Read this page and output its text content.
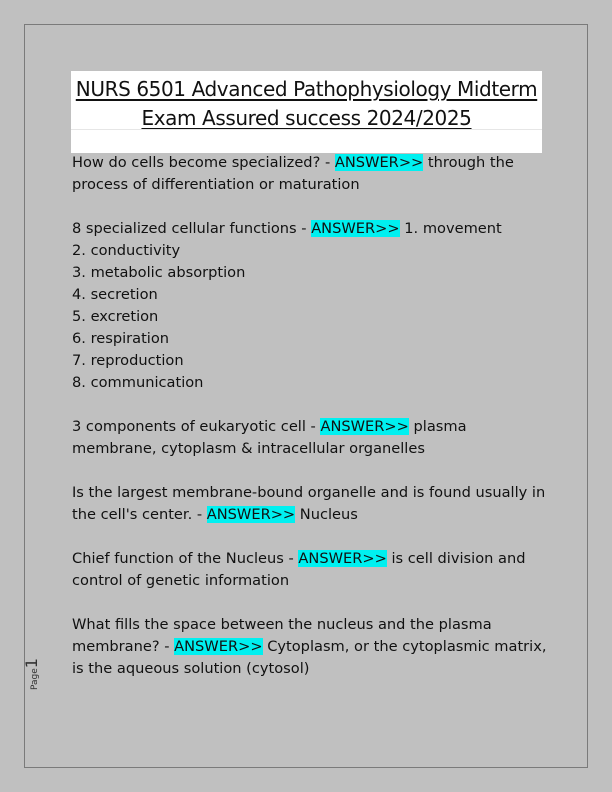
NURS 6501 Advanced Pathophysiology Midterm
Exam Assured success 2024/2025

How do cells become specialized? - ANSWER>> through the process of differentiation or maturation

8 specialized cellular functions - ANSWER>> 1. movement
2. conductivity
3. metabolic absorption
4. secretion
5. excretion
6. respiration
7. reproduction
8. communication

3 components of eukaryotic cell - ANSWER>> plasma membrane, cytoplasm & intracellular organelles

Is the largest membrane-bound organelle and is found usually in the cell's center. - ANSWER>> Nucleus

Chief function of the Nucleus - ANSWER>> is cell division and control of genetic information

What fills the space between the nucleus and the plasma membrane? - ANSWER>> Cytoplasm, or the cytoplasmic matrix, is the aqueous solution (cytosol)

Page1
